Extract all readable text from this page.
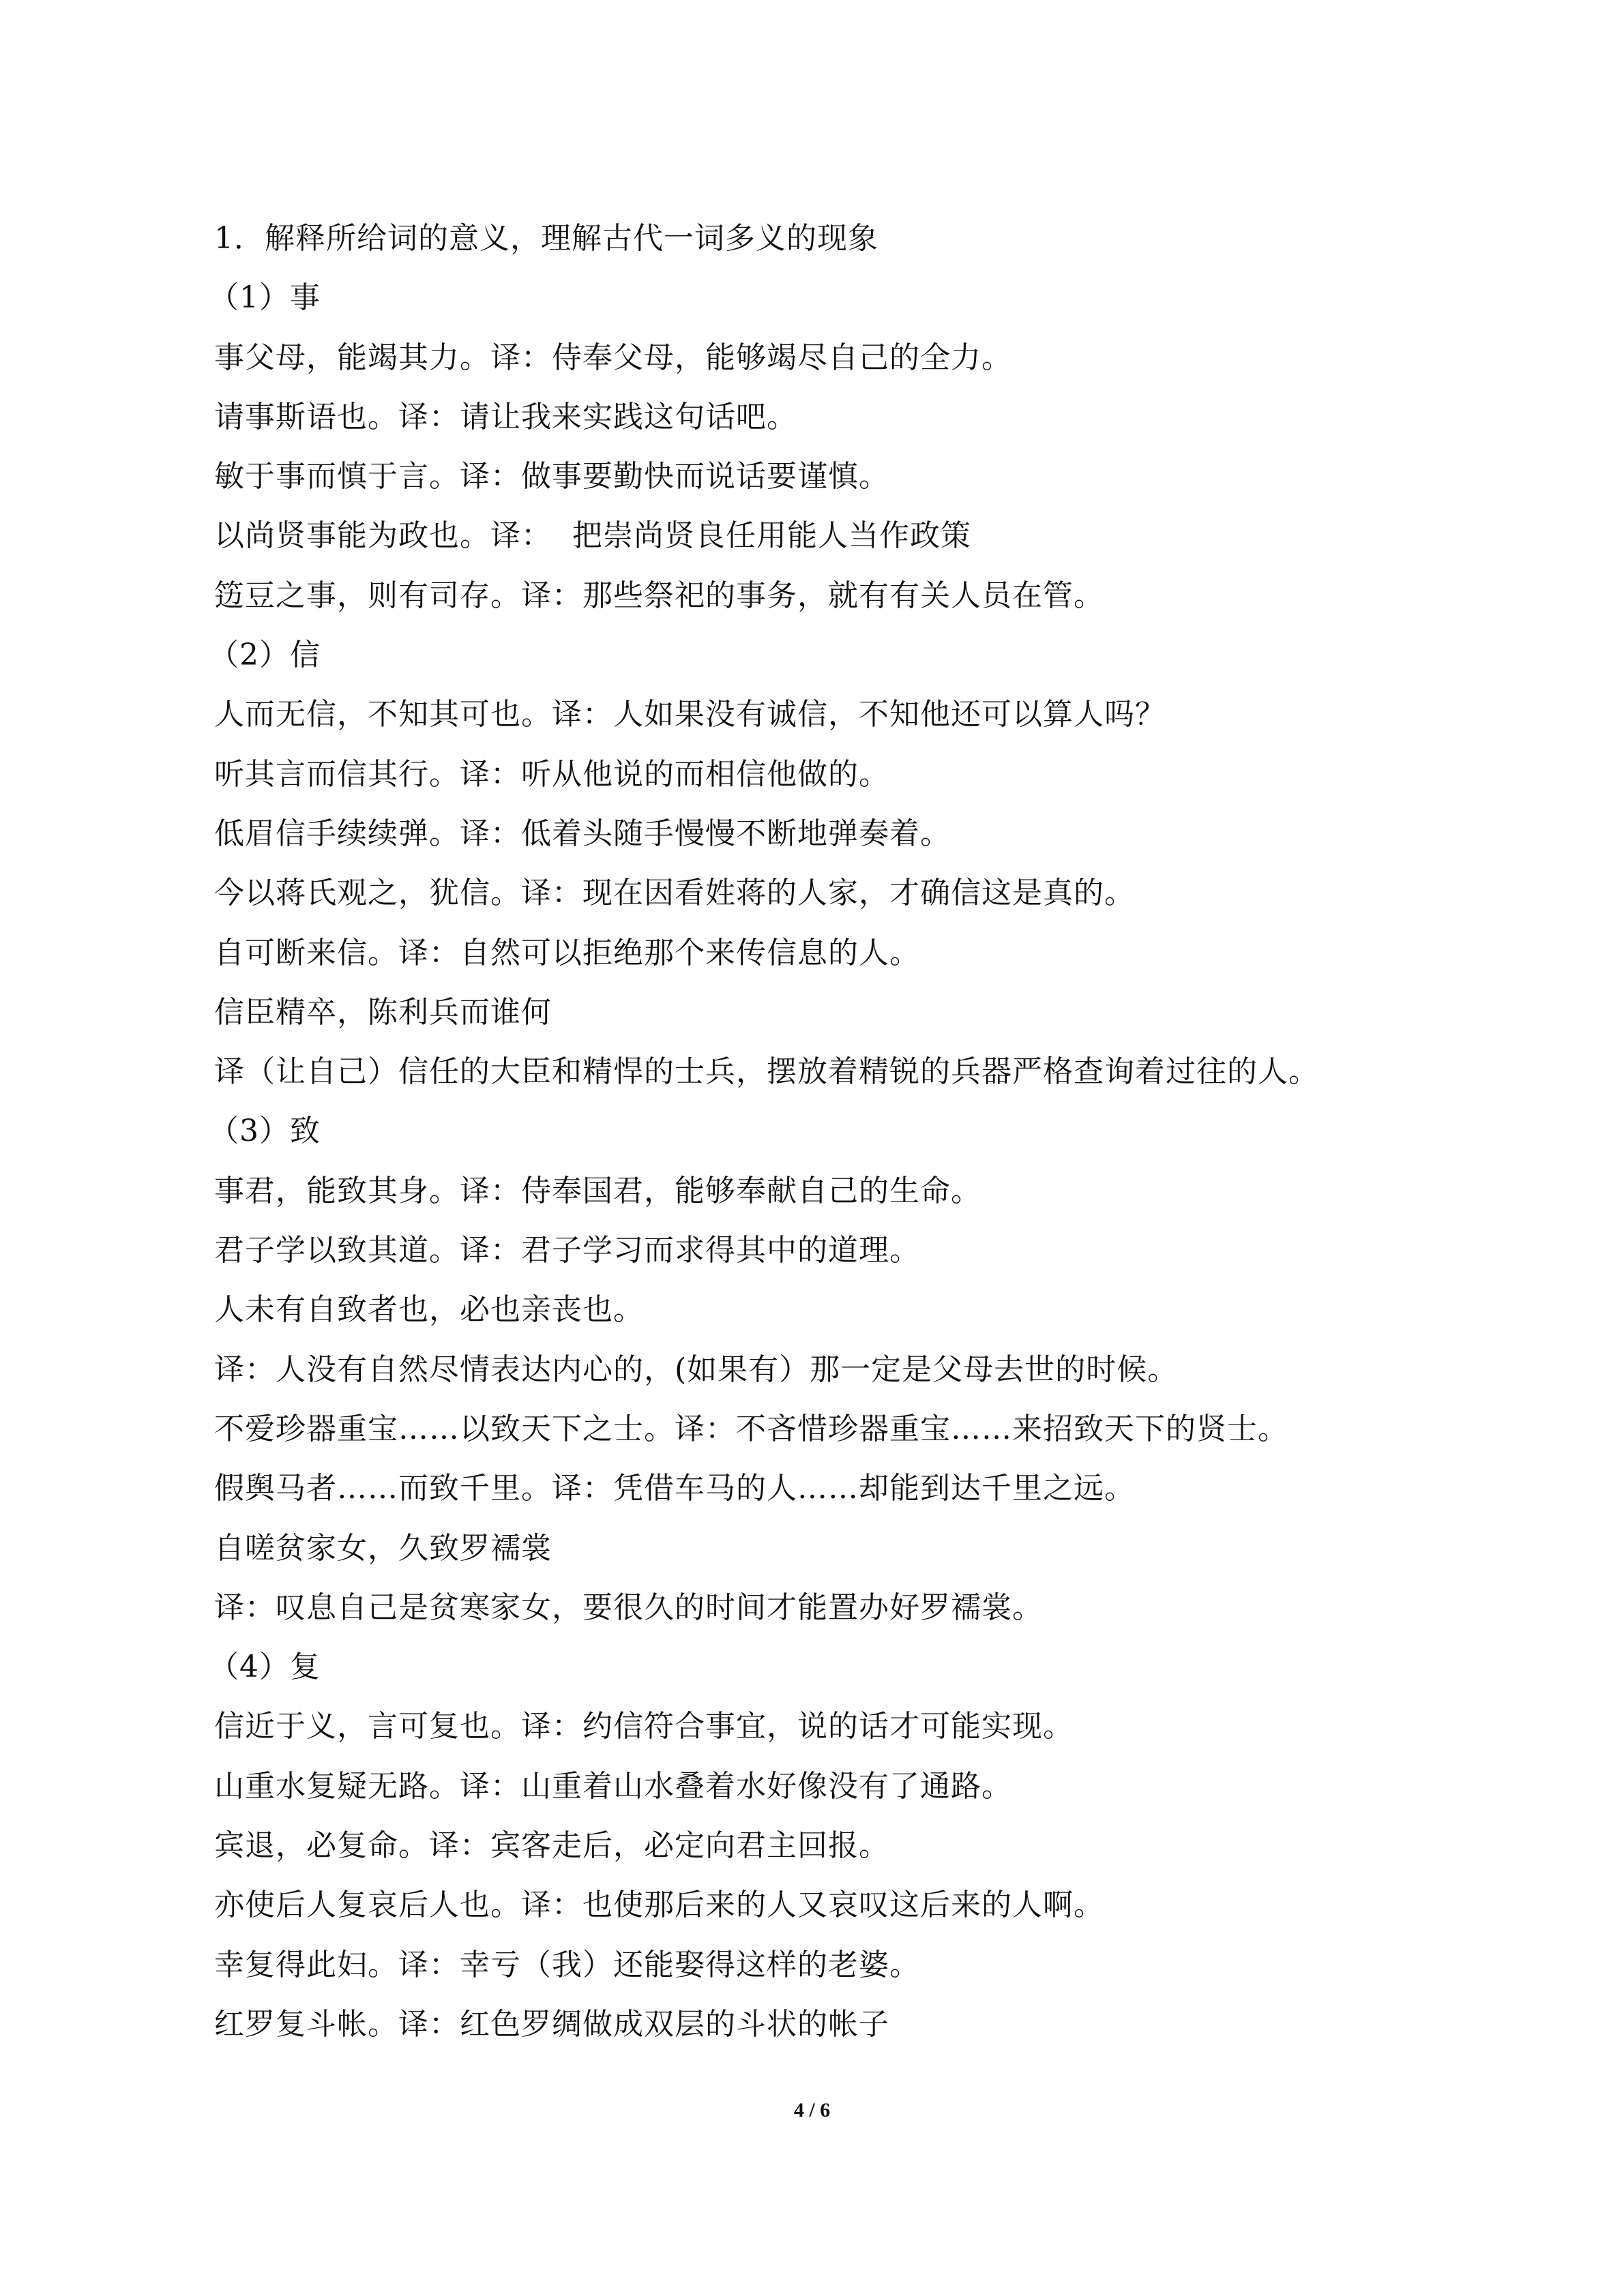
1．解释所给词的意义，理解古代一词多义的现象
（1）事
事父母，能竭其力。译：侍奉父母，能够竭尽自己的全力。
请事斯语也。译：请让我来实践这句话吧。
敏于事而慎于言。译：做事要勤快而说话要谨慎。
以尚贤事能为政也。译：  把崇尚贤良任用能人当作政策
笾豆之事，则有司存。译：那些祭祀的事务，就有有关人员在管。
（2）信
人而无信，不知其可也。译：人如果没有诚信，不知他还可以算人吗？
听其言而信其行。译：听从他说的而相信他做的。
低眉信手续续弹。译：低着头随手慢慢不断地弹奏着。
今以蒋氏观之，犹信。译：现在因看姓蒋的人家，才确信这是真的。
自可断来信。译：自然可以拒绝那个来传信息的人。
信臣精卒，陈利兵而谁何
译（让自己）信任的大臣和精悍的士兵，摆放着精锐的兵器严格查询着过往的人。
（3）致
事君，能致其身。译：侍奉国君，能够奉献自己的生命。
君子学以致其道。译：君子学习而求得其中的道理。
人未有自致者也，必也亲丧也。
译：人没有自然尽情表达内心的，(如果有）那一定是父母去世的时候。
不爱珍器重宝……以致天下之士。译：不吝惜珍器重宝……来招致天下的贤士。
假舆马者……而致千里。译：凭借车马的人……却能到达千里之远。
自嗟贫家女，久致罗襦裳
译：叹息自己是贫寒家女，要很久的时间才能置办好罗襦裳。
（4）复
信近于义，言可复也。译：约信符合事宜，说的话才可能实现。
山重水复疑无路。译：山重着山水叠着水好像没有了通路。
宾退，必复命。译：宾客走后，必定向君主回报。
亦使后人复哀后人也。译：也使那后来的人又哀叹这后来的人啊。
幸复得此妇。译：幸亏（我）还能娶得这样的老婆。
红罗复斗帐。译：红色罗绸做成双层的斗状的帐子
4 / 6
